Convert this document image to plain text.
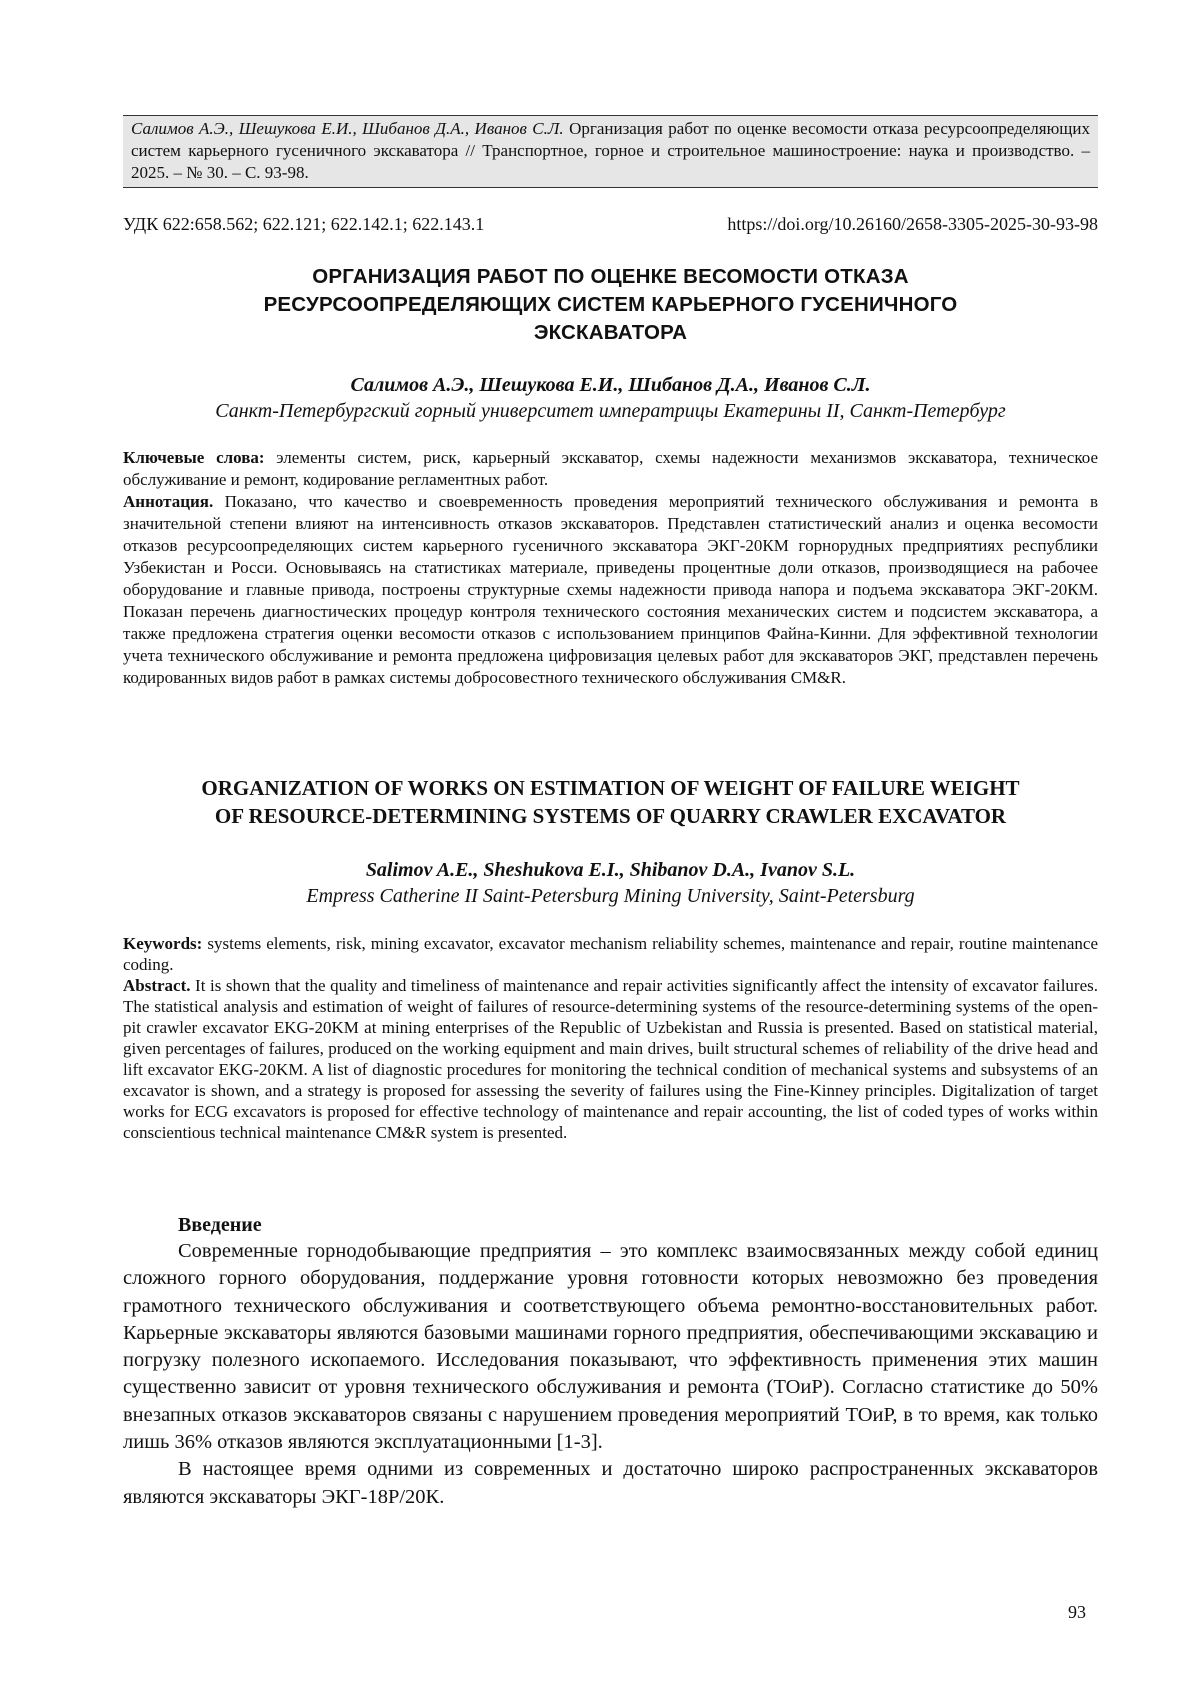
Салимов А.Э., Шешукова Е.И., Шибанов Д.А., Иванов С.Л. Организация работ по оценке весомости отказа ресурсоопределяющих систем карьерного гусеничного экскаватора // Транспортное, горное и строительное машиностроение: наука и производство. – 2025. – № 30. – С. 93-98.
УДК 622:658.562; 622.121; 622.142.1; 622.143.1	https://doi.org/10.26160/2658-3305-2025-30-93-98
ОРГАНИЗАЦИЯ РАБОТ ПО ОЦЕНКЕ ВЕСОМОСТИ ОТКАЗА
РЕСУРСООПРЕДЕЛЯЮЩИХ СИСТЕМ КАРЬЕРНОГО ГУСЕНИЧНОГО
ЭКСКАВАТОРА
Салимов А.Э., Шешукова Е.И., Шибанов Д.А., Иванов С.Л.
Санкт-Петербургский горный университет императрицы Екатерины II, Санкт-Петербург

Ключевые слова: элементы систем, риск, карьерный экскаватор, схемы надежности механизмов экскаватора, техническое обслуживание и ремонт, кодирование регламентных работ.

Аннотация. Показано, что качество и своевременность проведения мероприятий технического обслуживания и ремонта в значительной степени влияют на интенсивность отказов экскаваторов. Представлен статистический анализ и оценка весомости отказов ресурсоопределяющих систем карьерного гусеничного экскаватора ЭКГ-20КМ горнорудных предприятиях республики Узбекистан и Росси. Основываясь на статистиках материале, приведены процентные доли отказов, производящиеся на рабочее оборудование и главные привода, построены структурные схемы надежности привода напора и подъема экскаватора ЭКГ-20КМ. Показан перечень диагностических процедур контроля технического состояния механических систем и подсистем экскаватора, а также предложена стратегия оценки весомости отказов с использованием принципов Файна-Кинни. Для эффективной технологии учета технического обслуживание и ремонта предложена цифровизация целевых работ для экскаваторов ЭКГ, представлен перечень кодированных видов работ в рамках системы добросовестного технического обслуживания CM&R.

ORGANIZATION OF WORKS ON ESTIMATION OF WEIGHT OF FAILURE WEIGHT
OF RESOURCE-DETERMINING SYSTEMS OF QUARRY CRAWLER EXCAVATOR
Salimov A.E., Sheshukova E.I., Shibanov D.A., Ivanov S.L.
Empress Catherine II Saint-Petersburg Mining University, Saint-Petersburg

Keywords: systems elements, risk, mining excavator, excavator mechanism reliability schemes, maintenance and repair, routine maintenance coding.

Abstract. It is shown that the quality and timeliness of maintenance and repair activities significantly affect the intensity of excavator failures. The statistical analysis and estimation of weight of failures of resource-determining systems of the resource-determining systems of the open-pit crawler excavator EKG-20KM at mining enterprises of the Republic of Uzbekistan and Russia is presented. Based on statistical material, given percentages of failures, produced on the working equipment and main drives, built structural schemes of reliability of the drive head and lift excavator EKG-20KM. A list of diagnostic procedures for monitoring the technical condition of mechanical systems and subsystems of an excavator is shown, and a strategy is proposed for assessing the severity of failures using the Fine-Kinney principles. Digitalization of target works for ECG excavators is proposed for effective technology of maintenance and repair accounting, the list of coded types of works within conscientious technical maintenance CM&R system is presented.

Введение

Современные горнодобывающие предприятия – это комплекс взаимосвязанных между собой единиц сложного горного оборудования, поддержание уровня готовности которых невозможно без проведения грамотного технического обслуживания и соответствующего объема ремонтно-восстановительных работ. Карьерные экскаваторы являются базовыми машинами горного предприятия, обеспечивающими экскавацию и погрузку полезного ископаемого. Исследования показывают, что эффективность применения этих машин существенно зависит от уровня технического обслуживания и ремонта (ТОиР). Согласно статистике до 50% внезапных отказов экскаваторов связаны с нарушением проведения мероприятий ТОиР, в то время, как только лишь 36% отказов являются эксплуатационными [1-3].

В настоящее время одними из современных и достаточно широко распространенных экскаваторов являются экскаваторы ЭКГ-18Р/20К.

93
